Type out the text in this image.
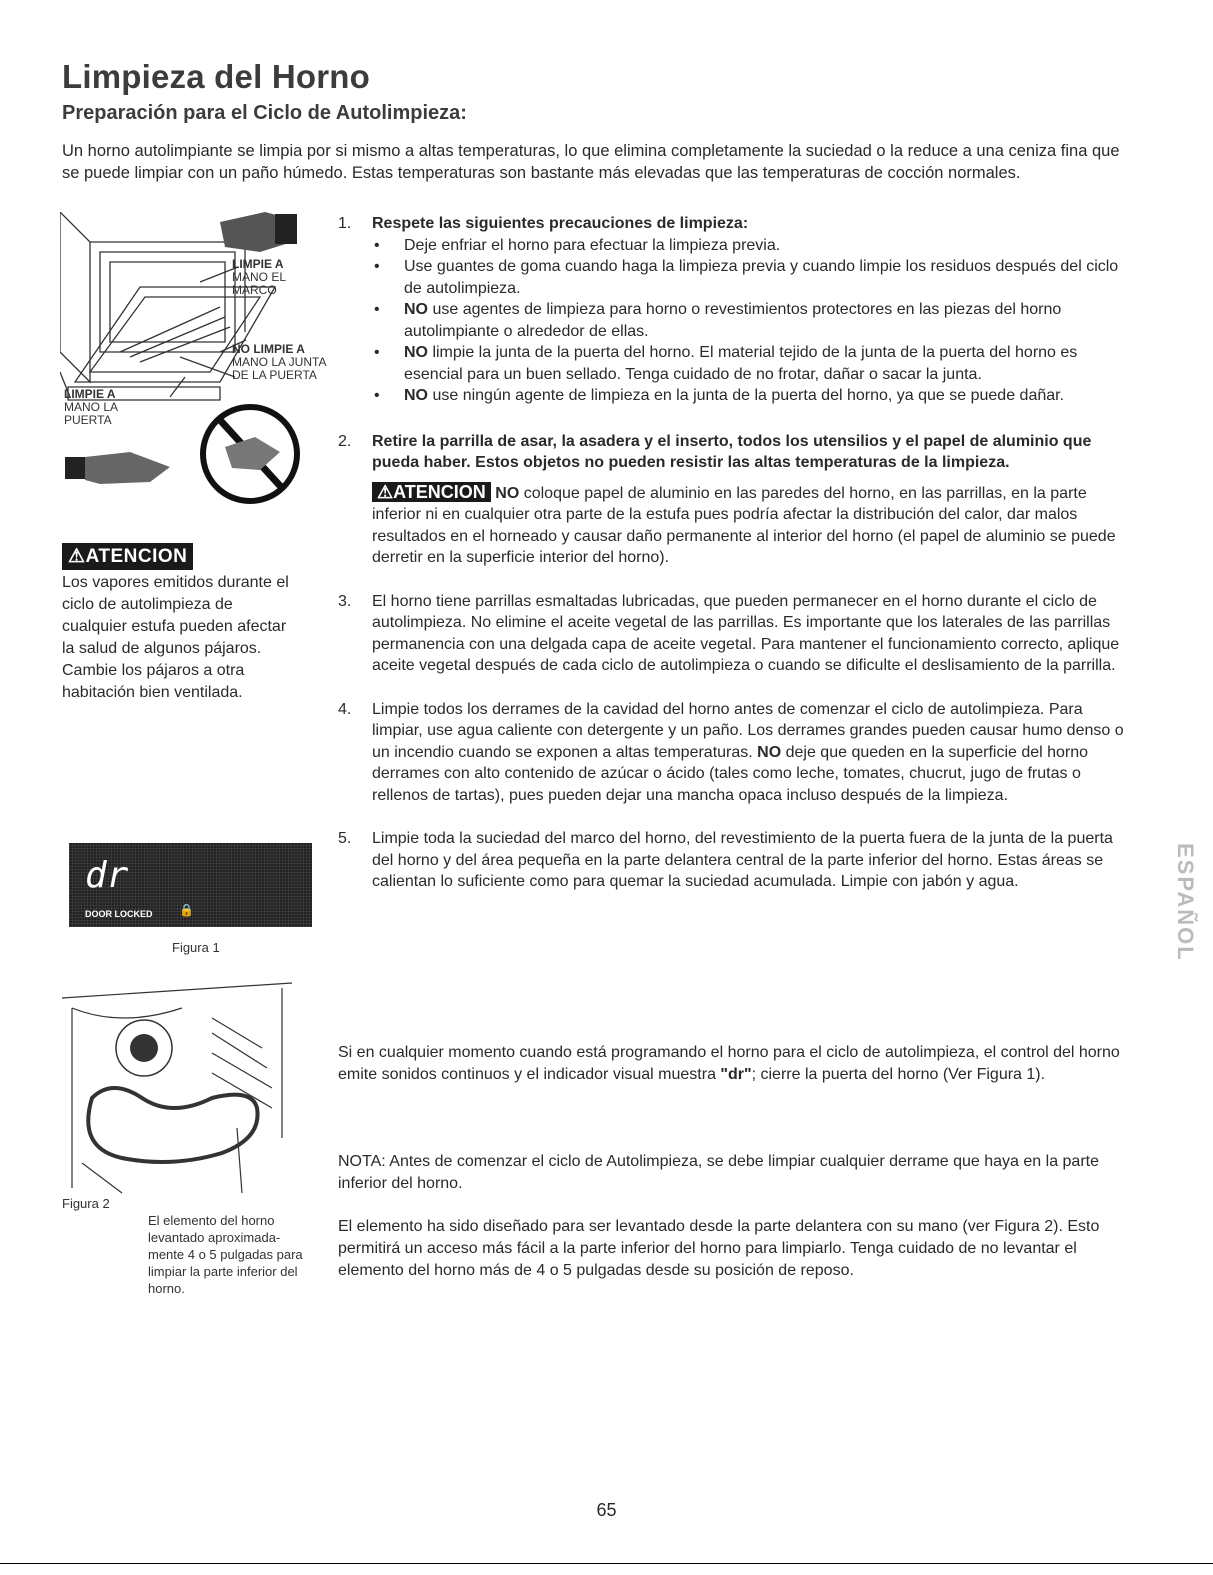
Limpieza del Horno
Preparación para el Ciclo de Autolimpieza:
Un horno autolimpiante se limpia por si mismo a altas temperaturas, lo que elimina completamente la suciedad o la reduce a una ceniza fina que se puede limpiar con un paño húmedo. Estas temperaturas son bastante más elevadas que las temperaturas de cocción normales.
LIMPIE A
MANO EL
MARCO
NO LIMPIE A
MANO LA JUNTA
DE LA PUERTA
LIMPIE A
MANO LA
PUERTA
⚠ATENCION
Los vapores emitidos durante el ciclo de autolimpieza de cualquier estufa pueden afectar la salud de algunos pájaros. Cambie los pájaros a otra habitación bien ventilada.
1. Respete las siguientes precauciones de limpieza:
• Deje enfriar el horno para efectuar la limpieza previa.
• Use guantes de goma cuando haga la limpieza previa y cuando limpie los residuos después del ciclo de autolimpieza.
• NO use agentes de limpieza para horno o revestimientos protectores en las piezas del horno autolimpiante o alrededor de ellas.
• NO limpie la junta de la puerta del horno. El material tejido de la junta de la puerta del horno es esencial para un buen sellado. Tenga cuidado de no frotar, dañar o sacar la junta.
• NO use ningún agente de limpieza en la junta de la puerta del horno, ya que se puede dañar.
2. Retire la parrilla de asar, la asadera y el inserto, todos los utensilios y el papel de aluminio que pueda haber. Estos objetos no pueden resistir las altas temperaturas de la limpieza.
⚠ATENCION NO coloque papel de aluminio en las paredes del horno, en las parrillas, en la parte inferior ni en cualquier otra parte de la estufa pues podría afectar la distribución del calor, dar malos resultados en el horneado y causar daño permanente al interior del horno (el papel de aluminio se puede derretir en la superficie interior del horno).
3. El horno tiene parrillas esmaltadas lubricadas, que pueden permanecer en el horno durante el ciclo de autolimpieza. No elimine el aceite vegetal de las parrillas. Es importante que los laterales de las parrillas permanencia con una delgada capa de aceite vegetal. Para mantener el funcionamiento correcto, aplique aceite vegetal después de cada ciclo de autolimpieza o cuando se dificulte el deslisamiento de la parrilla.
4. Limpie todos los derrames de la cavidad del horno antes de comenzar el ciclo de autolimpieza. Para limpiar, use agua caliente con detergente y un paño. Los derrames grandes pueden causar humo denso o un incendio cuando se exponen a altas temperaturas. NO deje que queden en la superficie del horno derrames con alto contenido de azúcar o ácido (tales como leche, tomates, chucrut, jugo de frutas o rellenos de tartas), pues pueden dejar una mancha opaca incluso después de la limpieza.
5. Limpie toda la suciedad del marco del horno, del revestimiento de la puerta fuera de la junta de la puerta del horno y del área pequeña en la parte delantera central de la parte inferior del horno. Estas áreas se calientan lo suficiente como para quemar la suciedad acumulada. Limpie con jabón y agua.
Si en cualquier momento cuando está programando el horno para el ciclo de autolimpieza, el control del horno emite sonidos continuos y el indicador visual muestra "dr"; cierre la puerta del horno (Ver Figura 1).
NOTA: Antes de comenzar el ciclo de Autolimpieza, se debe limpiar cualquier derrame que haya en la parte inferior del horno.
El elemento ha sido diseñado para ser levantado desde la parte delantera con su mano (ver Figura 2). Esto permitirá un acceso más fácil a la parte inferior del horno para limpiarlo. Tenga cuidado de no levantar el elemento del horno más de 4 o 5 pulgadas desde su posición de reposo.
dr
DOOR LOCKED 🔒
Figura 1
Figura 2
El elemento del horno levantado aproximada-mente 4 o 5 pulgadas para limpiar la parte inferior del horno.
ESPAÑOL
65
